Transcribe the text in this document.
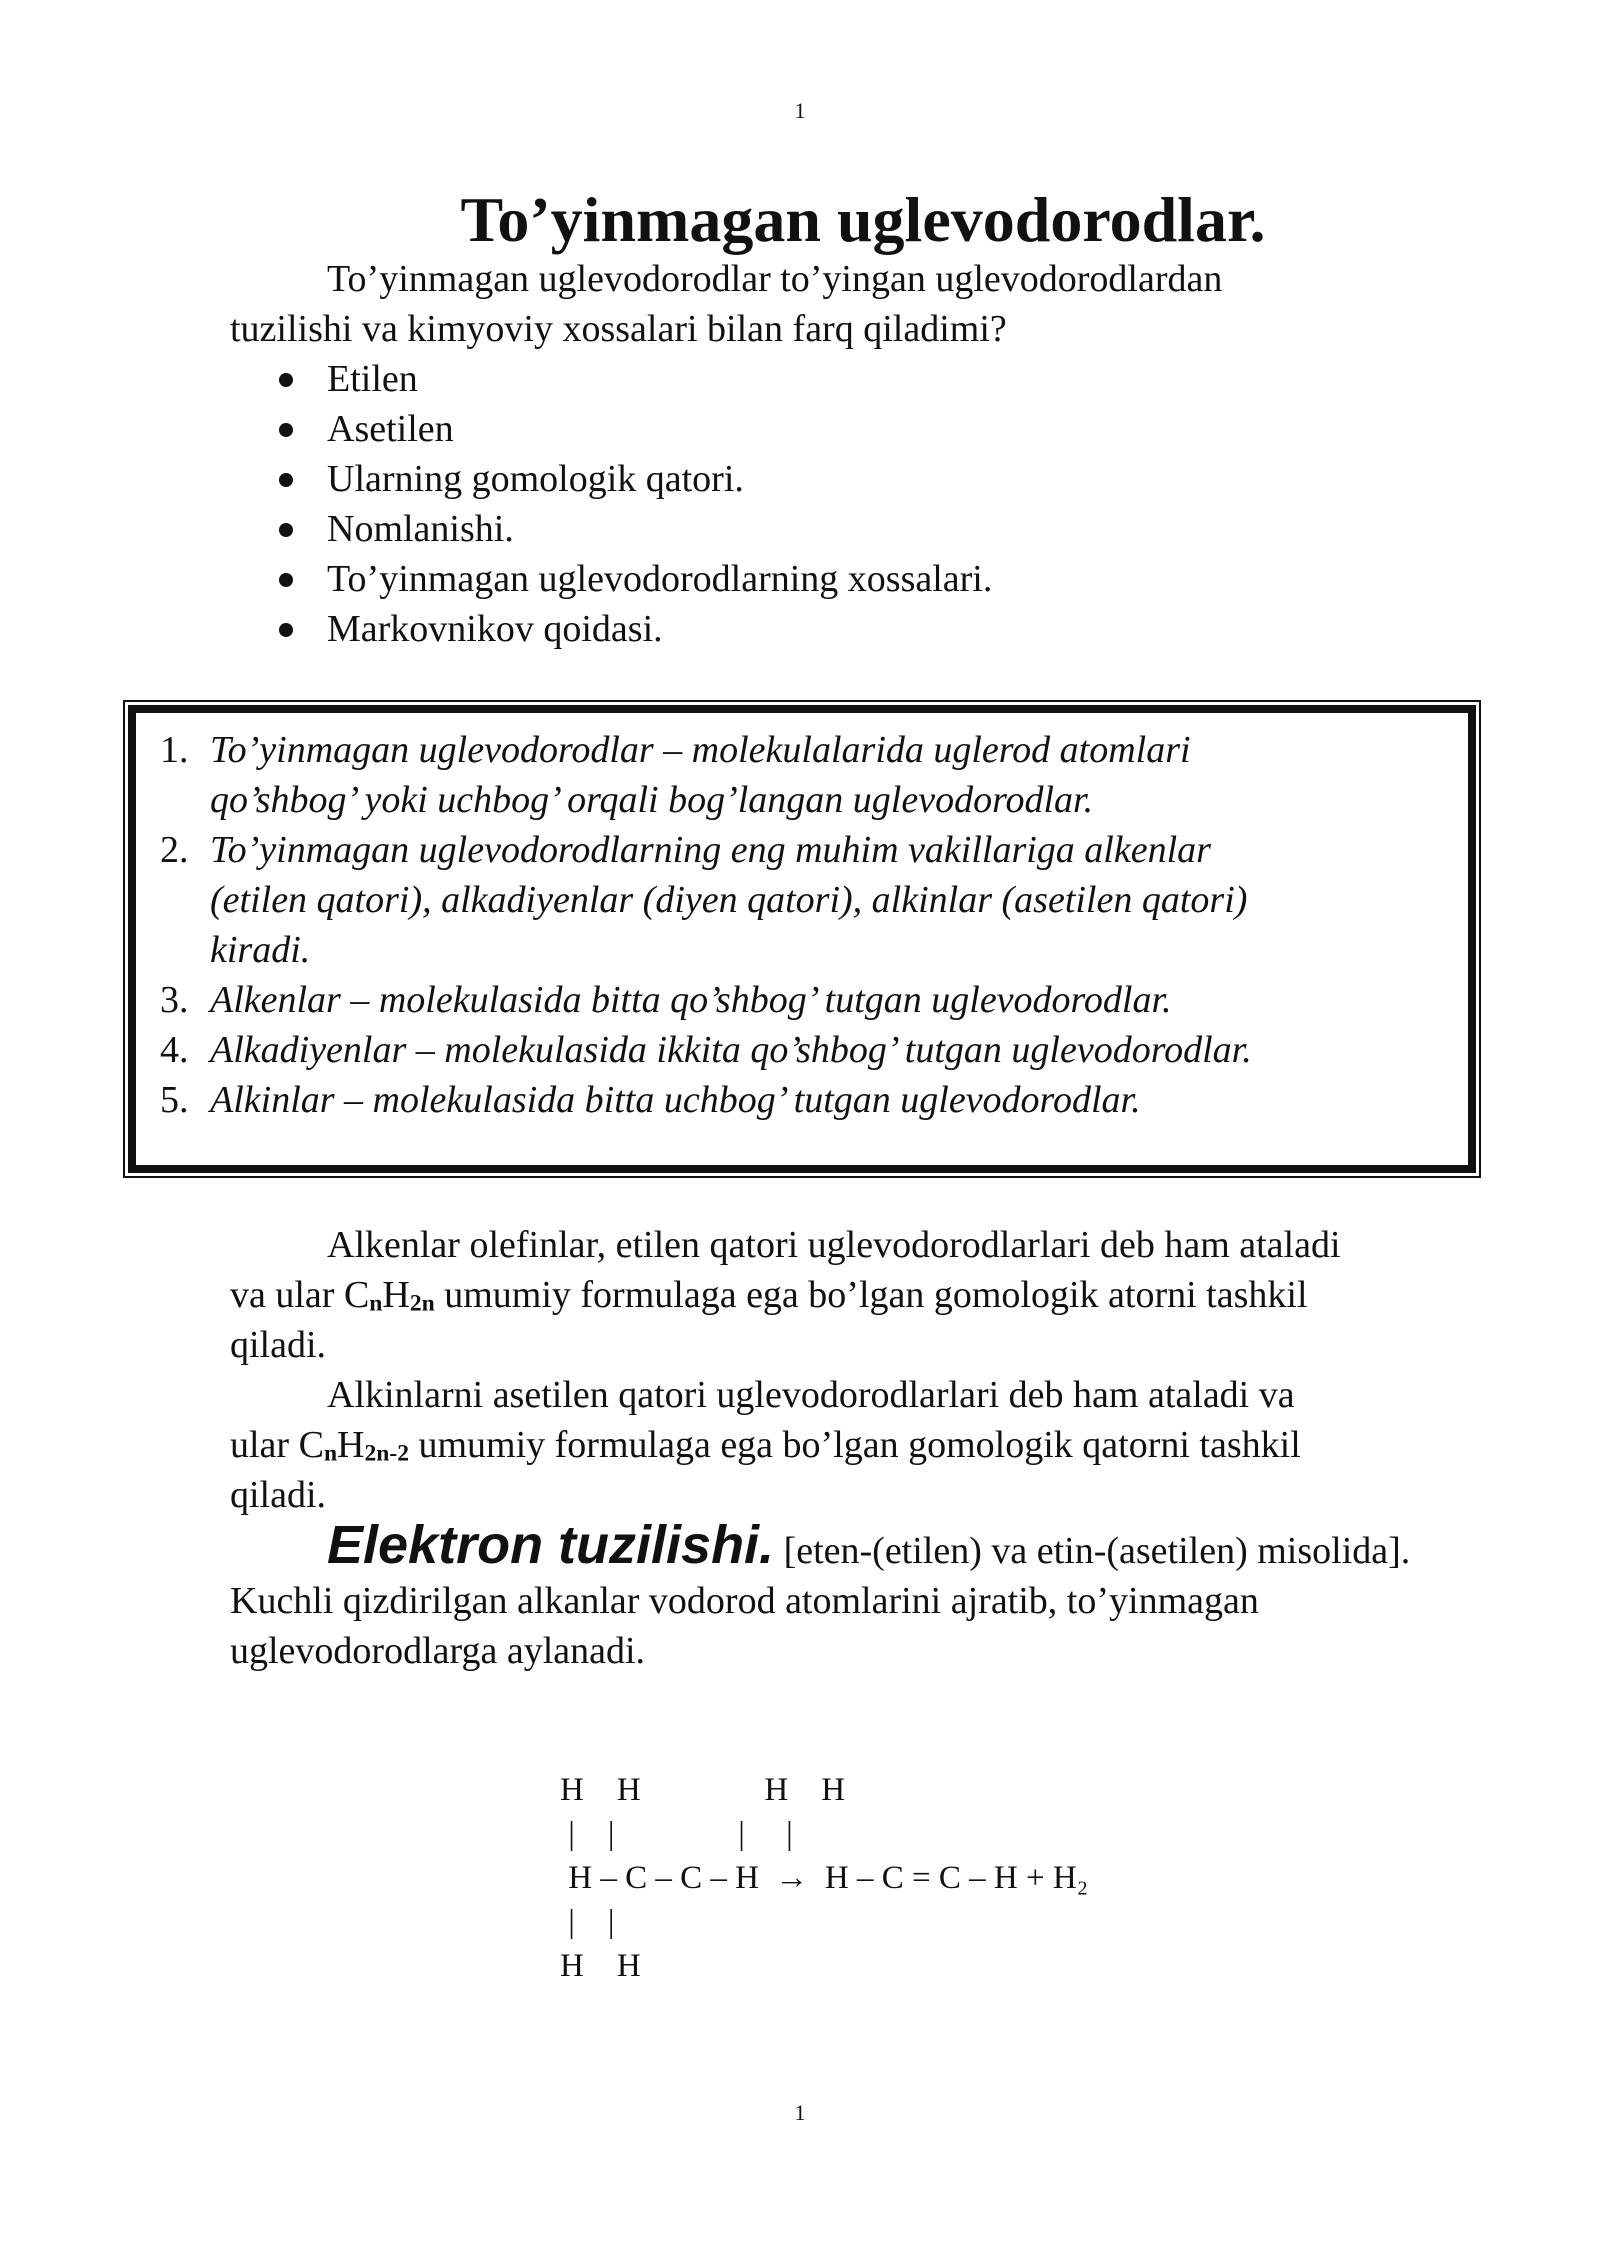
1
To’yinmagan uglevodorodlar.

To’yinmagan uglevodorodlar to’yingan uglevodorodlardan
tuzilishi va kimyoviy xossalari bilan farq qiladimi?

Etilen
Asetilen
Ularning gomologik qatori.
Nomlanishi.
To’yinmagan uglevodorodlarning xossalari.
Markovnikov qoidasi.
1. To’yinmagan uglevodorodlar – molekulalarida uglerod atomlari
qo’shbog’ yoki uchbog’ orqali bog’langan uglevodorodlar.
2. To’yinmagan uglevodorodlarning eng muhim vakillariga alkenlar
(etilen qatori), alkadiyenlar (diyen qatori), alkinlar (asetilen qatori)
kiradi.
3. Alkenlar – molekulasida bitta qo’shbog’ tutgan uglevodorodlar.
4. Alkadiyenlar – molekulasida ikkita qo’shbog’ tutgan uglevodorodlar.
5. Alkinlar – molekulasida bitta uchbog’ tutgan uglevodorodlar.

Alkenlar olefinlar, etilen qatori uglevodorodlarlari deb ham ataladi
va ular $C_nH_{2n}$ umumiy formulaga ega bo’lgan gomologik atorni tashkil
qiladi.

Alkinlarni asetilen qatori uglevodorodlarlari deb ham ataladi va
ular $C_nH_{2n-2}$ umumiy formulaga ega bo’lgan gomologik qatorni tashkil
qiladi.

Elektron tuzilishi. [eten-(etilen) va etin-(asetilen) misolida].
Kuchli qizdirilgan alkanlar vodorod atomlarini ajratib, to’yinmagan
uglevodorodlarga aylanadi.

H    H               H    H
|    |               |     |
H – C – C – H  →  H – C = C – H + H₂
|    |
H    H
1
